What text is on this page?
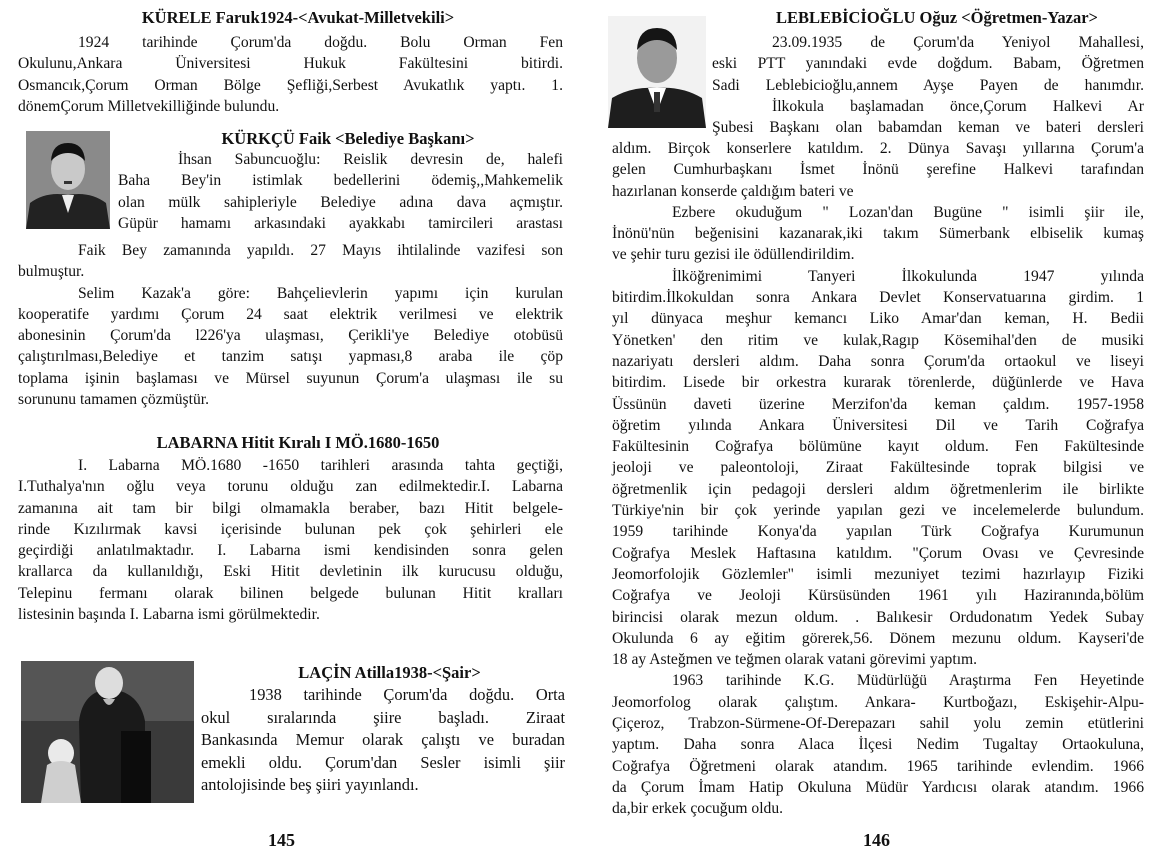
KÜRELE Faruk1924-<Avukat-Milletvekili>
1924 tarihinde Çorum'da doğdu. Bolu Orman Fen
Okulunu,Ankara Üniversitesi Hukuk Fakültesini bitirdi.
Osmancık,Çorum Orman Bölge Şefliği,Serbest Avukatlık yaptı. 1.
dönemÇorum Milletvekilliğinde bulundu.
KÜRKÇÜ Faik <Belediye Başkanı>
İhsan Sabuncuoğlu: Reislik devresin de, halefi
Baha Bey'in istimlak bedellerini ödemiş,,Mahkemelik
olan mülk sahipleriyle Belediye adına dava açmıştır.
Güpür hamamı arkasındaki ayakkabı tamircileri arastası
Faik Bey zamanında yapıldı. 27 Mayıs ihtilalinde vazifesi son
bulmuştur.
Selim Kazak'a göre: Bahçelievlerin yapımı için kurulan
kooperatife yardımı Çorum 24 saat elektrik verilmesi ve elektrik
abonesinin Çorum'da l226'ya ulaşması, Çerikli'ye Belediye otobüsü
çalıştırılması,Belediye et tanzim satışı yapması,8 araba ile çöp
toplama işinin başlaması ve Mürsel suyunun Çorum'a ulaşması ile su
sorununu tamamen çözmüştür.
LABARNA Hitit Kıralı I MÖ.1680-1650
I. Labarna MÖ.1680 -1650 tarihleri arasında tahta geçtiği,
I.Tuthalya'nın oğlu veya torunu olduğu zan edilmektedir.I. Labarna
zamanına ait tam bir bilgi olmamakla beraber, bazı Hitit belgele-
rinde Kızılırmak kavsi içerisinde bulunan pek çok şehirleri ele
geçirdiği anlatılmaktadır. I. Labarna ismi kendisinden sonra gelen
krallarca da kullanıldığı, Eski Hitit devletinin ilk kurucusu olduğu,
Telepinu fermanı olarak bilinen belgede bulunan Hitit kralları
listesinin başında I. Labarna ismi görülmektedir.
LAÇİN Atilla1938-<Şair>
1938 tarihinde Çorum'da doğdu. Orta
okul sıralarında şiire başladı. Ziraat
Bankasında Memur olarak çalıştı ve buradan
emekli oldu. Çorum'dan Sesler isimli şiir
antolojisinde beş şiiri yayınlandı.
145
LEBLEBİCİOĞLU Oğuz <Öğretmen-Yazar>
23.09.1935 de Çorum'da Yeniyol Mahallesi,
eski PTT yanındaki evde doğdum. Babam, Öğretmen
Sadi Leblebicioğlu,annem Ayşe Payen de hanımdır.
İlkokula başlamadan önce,Çorum Halkevi Ar
Şubesi Başkanı olan babamdan keman ve bateri dersleri
aldım. Birçok konserlere katıldım. 2. Dünya Savaşı yıllarına Çorum'a
gelen Cumhurbaşkanı İsmet İnönü şerefine Halkevi tarafından
hazırlanan konserde çaldığım bateri ve
Ezbere okuduğum " Lozan'dan Bugüne " isimli şiir ile,
İnönü'nün beğenisini kazanarak,iki takım Sümerbank elbiselik kumaş
ve şehir turu gezisi ile ödüllendirildim.
İlköğrenimimi Tanyeri İlkokulunda 1947 yılında
bitirdim.İlkokuldan sonra Ankara Devlet Konservatuarına girdim. 1
yıl dünyaca meşhur kemancı Liko Amar'dan keman, H. Bedii
Yönetken' den ritim ve kulak,Ragıp Kösemihal'den de musiki
nazariyatı dersleri aldım. Daha sonra Çorum'da ortaokul ve liseyi
bitirdim. Lisede bir orkestra kurarak törenlerde, düğünlerde ve Hava
Üssünün daveti üzerine Merzifon'da keman çaldım. 1957-1958
öğretim yılında Ankara Üniversitesi Dil ve Tarih Coğrafya
Fakültesinin Coğrafya bölümüne kayıt oldum. Fen Fakültesinde
jeoloji ve paleontoloji, Ziraat Fakültesinde toprak bilgisi ve
öğretmenlik için pedagoji dersleri aldım öğretmenlerim ile birlikte
Türkiye'nin bir çok yerinde yapılan gezi ve incelemelerde bulundum.
1959 tarihinde Konya'da yapılan Türk Coğrafya Kurumunun
Coğrafya Meslek Haftasına katıldım. "Çorum Ovası ve Çevresinde
Jeomorfolojik Gözlemler" isimli mezuniyet tezimi hazırlayıp Fiziki
Coğrafya ve Jeoloji Kürsüsünden 1961 yılı Haziranında,bölüm
birincisi olarak mezun oldum. . Balıkesir Ordudonatım Yedek Subay
Okulunda 6 ay eğitim görerek,56. Dönem mezunu oldum. Kayseri'de
18 ay Asteğmen ve teğmen olarak vatani görevimi yaptım.
1963 tarihinde K.G. Müdürlüğü Araştırma Fen Heyetinde
Jeomorfolog olarak çalıştım. Ankara- Kurtboğazı, Eskişehir-Alpu-
Çiçeroz, Trabzon-Sürmene-Of-Derepazarı sahil yolu zemin etütlerini
yaptım. Daha sonra Alaca İlçesi Nedim Tugaltay Ortaokuluna,
Coğrafya Öğretmeni olarak atandım. 1965 tarihinde evlendim. 1966
da Çorum İmam Hatip Okuluna Müdür Yardıcısı olarak atandım. 1966
da,bir erkek çocuğum oldu.
146
